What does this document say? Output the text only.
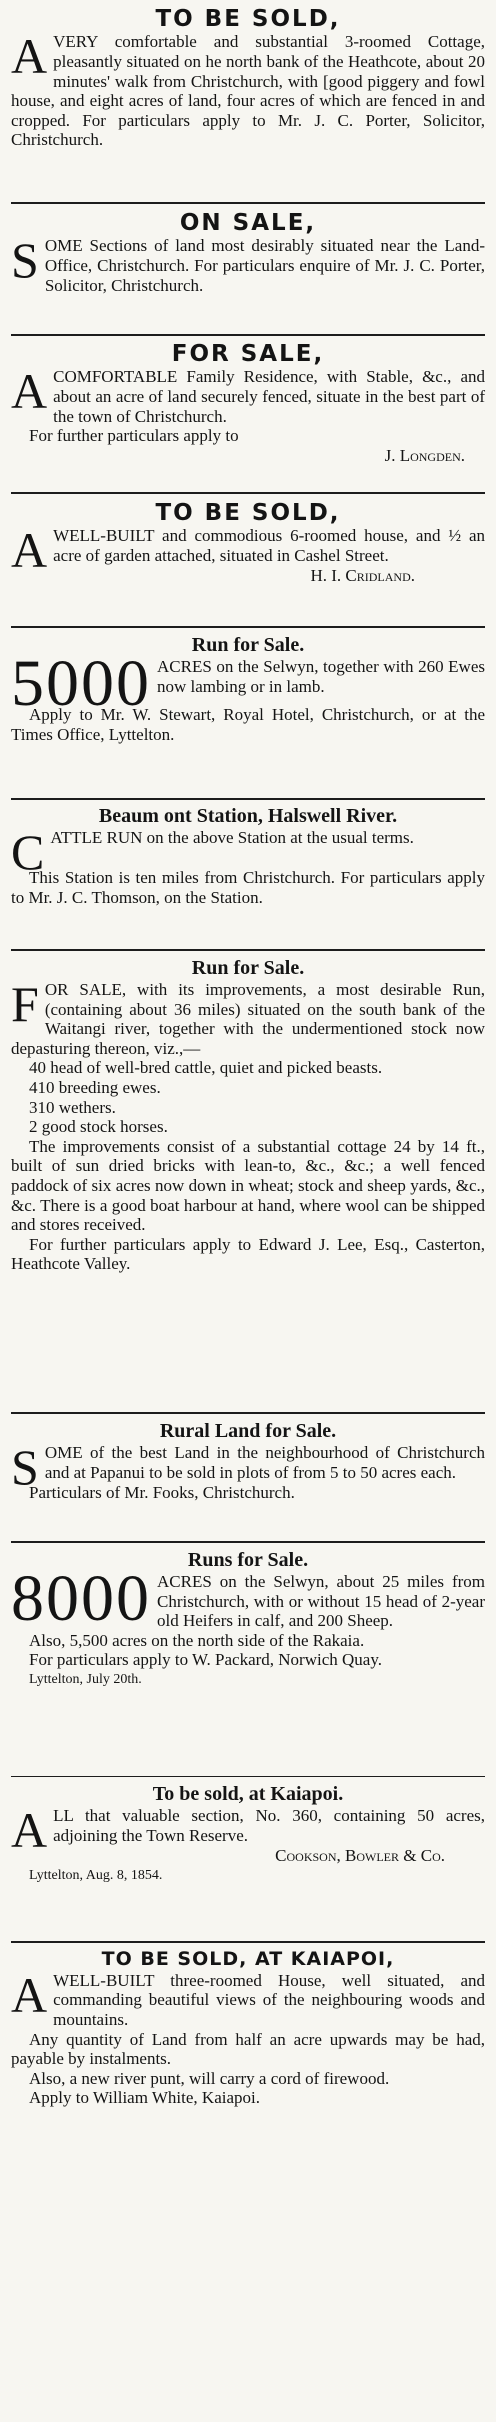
TO BE SOLD,

AVERY comfortable and substantial 3-roomed Cottage, pleasantly situated on he north bank of the Heathcote, about 20 minutes' walk from Christchurch, with [good piggery and fowl house, and eight acres of land, four acres of which are fenced in and cropped. For particulars apply to Mr. J. C. Porter, Solicitor, Christchurch.

ON SALE,

SOME Sections of land most desirably situated near the Land-Office, Christchurch. For particulars enquire of Mr. J. C. Porter, Solicitor, Christchurch.

FOR SALE,

ACOMFORTABLE Family Residence, with Stable, &c., and about an acre of land securely fenced, situate in the best part of the town of Christchurch.

For further particulars apply to

J. Longden.

TO BE SOLD,

AWELL-BUILT and commodious 6-roomed house, and ½ an acre of garden attached, situated in Cashel Street.

H. I. Cridland.

Run for Sale.

5000 ACRES on the Selwyn, together with 260 Ewes now lambing or in lamb.

Apply to Mr. W. Stewart, Royal Hotel, Christchurch, or at the Times Office, Lyttelton.

Beaum ont Station, Halswell River.

CATTLE RUN on the above Station at the usual terms.

This Station is ten miles from Christchurch. For particulars apply to Mr. J. C. Thomson, on the Station.

Run for Sale.

FOR SALE, with its improvements, a most desirable Run, (containing about 36 miles) situated on the south bank of the Waitangi river, together with the undermentioned stock now depasturing thereon, viz.,—

40 head of well-bred cattle, quiet and picked beasts.

410 breeding ewes.

310 wethers.

2 good stock horses.

The improvements consist of a substantial cottage 24 by 14 ft., built of sun dried bricks with lean-to, &c., &c.; a well fenced paddock of six acres now down in wheat; stock and sheep yards, &c., &c. There is a good boat harbour at hand, where wool can be shipped and stores received.

For further particulars apply to Edward J. Lee, Esq., Casterton, Heathcote Valley.

Rural Land for Sale.

SOME of the best Land in the neighbourhood of Christchurch and at Papanui to be sold in plots of from 5 to 50 acres each.

Particulars of Mr. Fooks, Christchurch.

Runs for Sale.

8000 ACRES on the Selwyn, about 25 miles from Christchurch, with or without 15 head of 2-year old Heifers in calf, and 200 Sheep.

Also, 5,500 acres on the north side of the Rakaia.

For particulars apply to W. Packard, Norwich Quay.

Lyttelton, July 20th.

To be sold, at Kaiapoi.

ALL that valuable section, No. 360, containing 50 acres, adjoining the Town Reserve.

Cookson, Bowler & Co.

Lyttelton, Aug. 8, 1854.

TO BE SOLD, AT KAIAPOI,

AWELL-BUILT three-roomed House, well situated, and commanding beautiful views of the neighbouring woods and mountains.

Any quantity of Land from half an acre upwards may be had, payable by instalments.

Also, a new river punt, will carry a cord of firewood.

Apply to William White, Kaiapoi.
